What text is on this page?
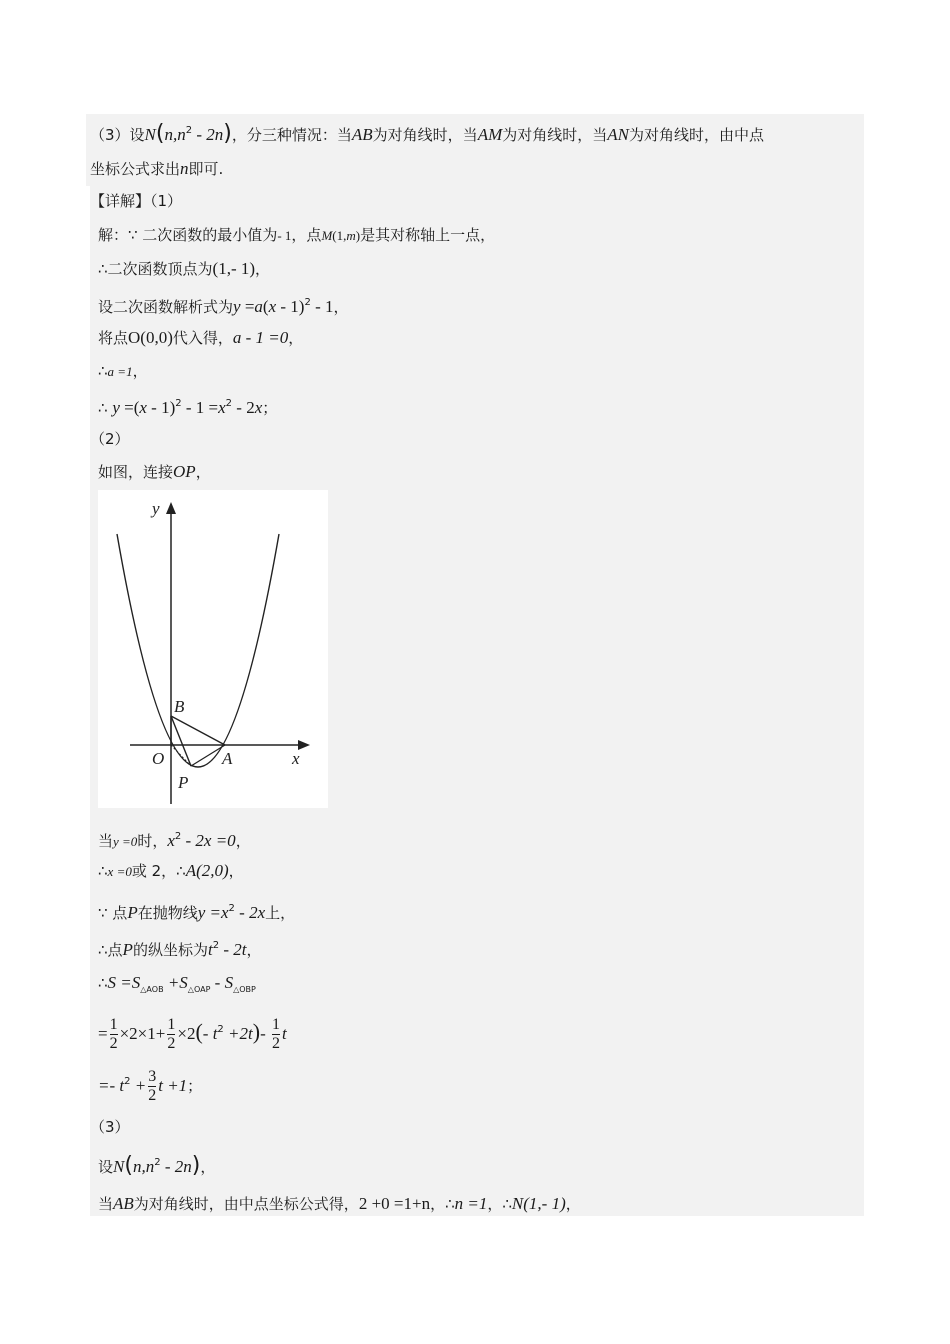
（3）设$N(n,n^2 - 2n)$，分三种情况：当AB为对角线时，当AM为对角线时，当AN为对角线时，由中点
坐标公式求出n即可.
【详解】（1）
解：∵ 二次函数的最小值为- 1，点M(1,m)是其对称轴上一点，
∴二次函数顶点为(1,- 1)，
设二次函数解析式为y =a(x - 1)$^2$ - 1，
将点O(0,0)代入得，a - 1 =0，
∴a =1，
∴ $y =(x - 1)^2 - 1 =x^2 - 2x$；
（2）
如图，连接OP，
y
x
B
O	A
P
当y =0时，$x^2 - 2x =0$，
∴x =0或 2，∴A(2,0)，
∵ 点P在抛物线$y =x^2 - 2x$上，
∴点P的纵坐标为$t^2 - 2t$，
∴S $=S_{\triangle AOB} +S_{\triangle OAP} - S_{\triangle OBP}$
= $\frac{1}{2} \times 2\times 1+ \frac{1}{2} \times 2(-$ $t^2 +2t)- \frac{1}{2}$ t
=- $t^2 + \frac{3}{2}$ t +1；
（3）
设$N(n,n^2 - 2n)$，
当AB为对角线时，由中点坐标公式得，2 +0 =1+n，∴n =1，∴N(1,- 1)，
